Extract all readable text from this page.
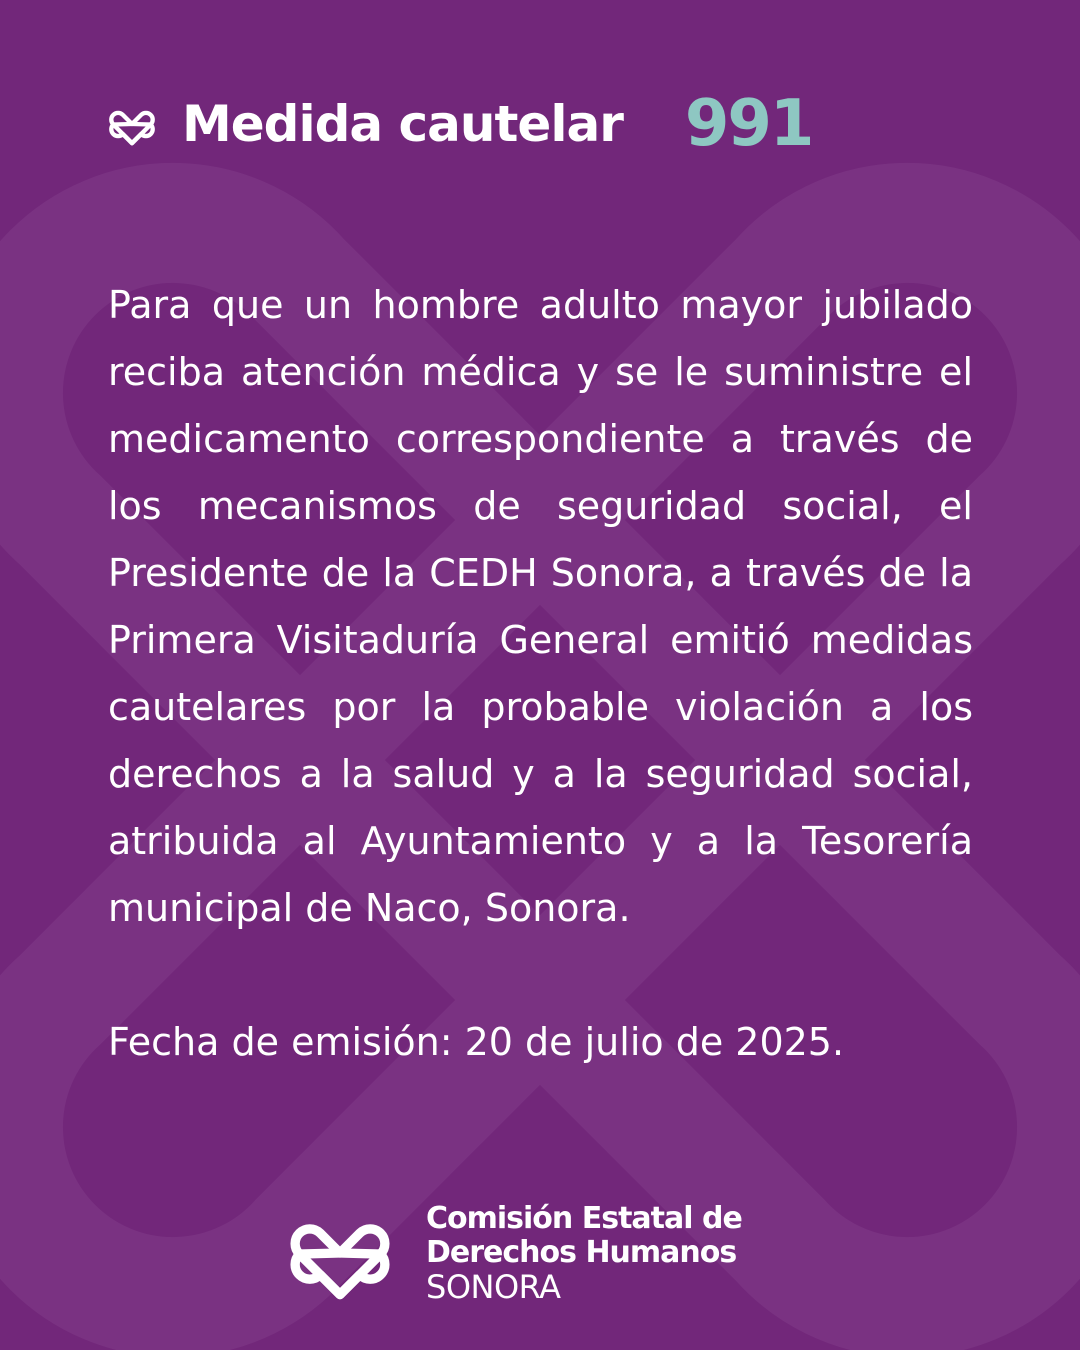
Medida cautelar 991

Para que un hombre adulto mayor jubilado reciba atención médica y se le suministre el medicamento correspondiente a través de los mecanismos de seguridad social, el Presidente de la CEDH Sonora, a través de la Primera Visitaduría General emitió medidas cautelares por la probable violación a los derechos a la salud y a la seguridad social, atribuida al Ayuntamiento y a la Tesorería municipal de Naco, Sonora.

Fecha de emisión: 20 de julio de 2025.

Comisión Estatal de
Derechos Humanos
SONORA
